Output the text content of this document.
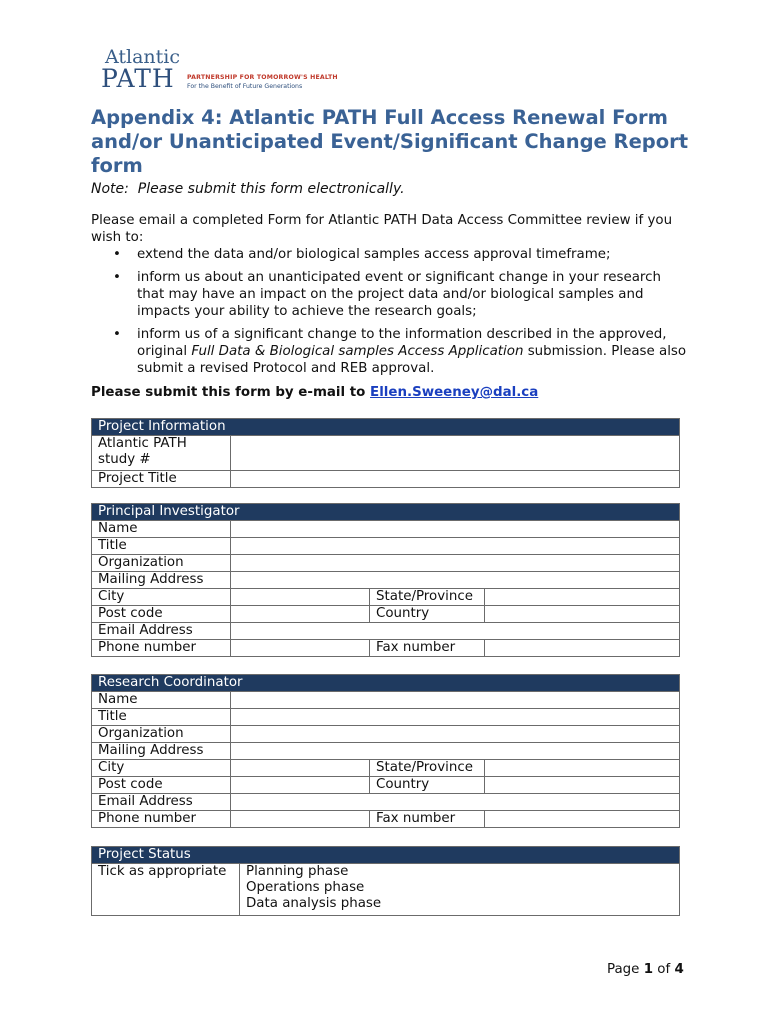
Atlantic
PATH PARTNERSHIP FOR TOMORROW'S HEALTH
For the Benefit of Future Generations
Appendix 4: Atlantic PATH Full Access Renewal Form and/or Unanticipated Event/Significant Change Report form
Note: Please submit this form electronically.
Please email a completed Form for Atlantic PATH Data Access Committee review if you wish to:
• extend the data and/or biological samples access approval timeframe;
• inform us about an unanticipated event or significant change in your research that may have an impact on the project data and/or biological samples and impacts your ability to achieve the research goals;
• inform us of a significant change to the information described in the approved, original Full Data & Biological samples Access Application submission. Please also submit a revised Protocol and REB approval.
Please submit this form by e-mail to Ellen.Sweeney@dal.ca
Project Information	
Atlantic PATH study #	
Project Title	
Principal Investigator			
Name			
Title			
Organization			
Mailing Address			
City		State/Province	
Post code		Country	
Email Address			
Phone number		Fax number	
Research Coordinator			
Name			
Title			
Organization			
Mailing Address			
City		State/Province	
Post code		Country	
Email Address			
Phone number		Fax number	
Project Status
Tick as appropriate	Planning phase
Operations phase
Data analysis phase
Page 1 of 4
